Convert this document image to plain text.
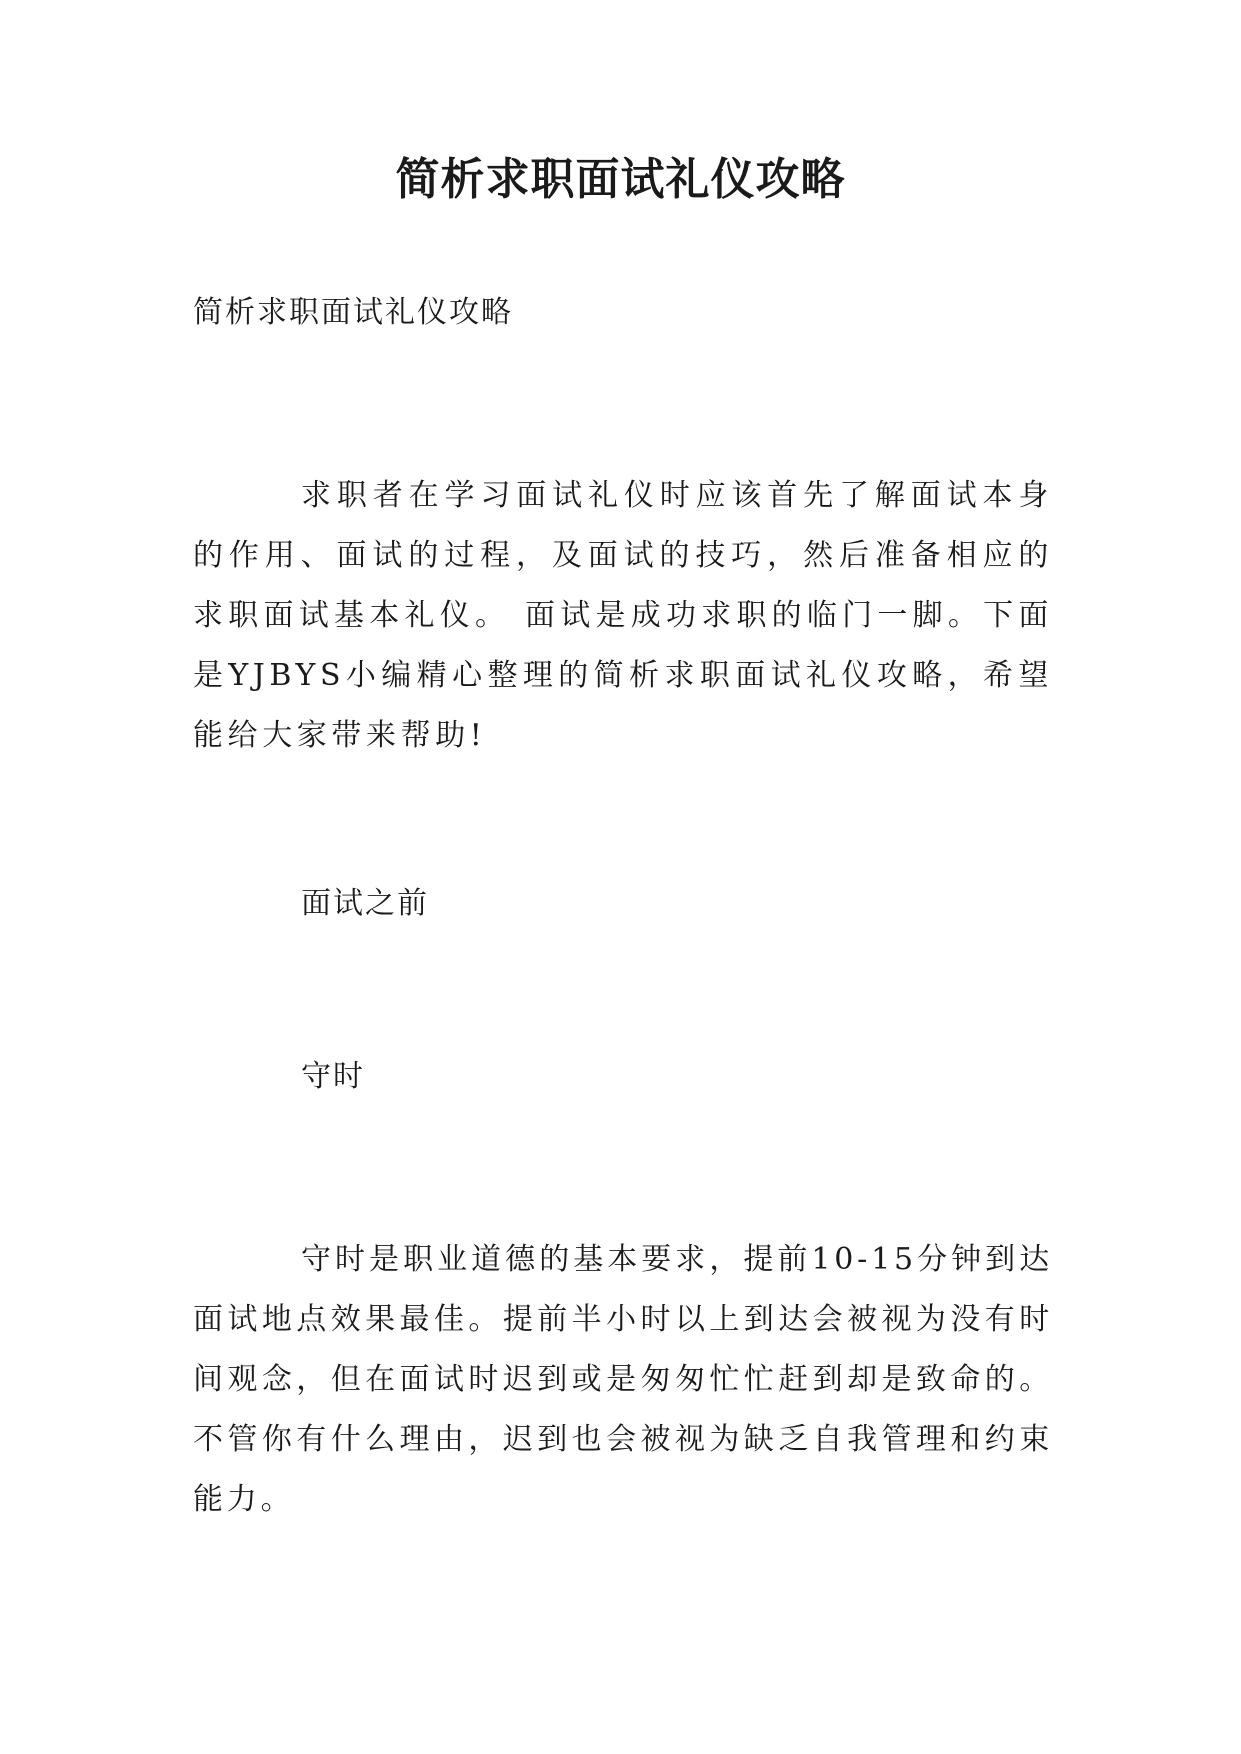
简析求职面试礼仪攻略

简析求职面试礼仪攻略

求职者在学习面试礼仪时应该首先了解面试本身的作用、面试的过程，及面试的技巧，然后准备相应的求职面试基本礼仪。 面试是成功求职的临门一脚。下面是YJBYS小编精心整理的简析求职面试礼仪攻略，希望能给大家带来帮助!

面试之前

守时

守时是职业道德的基本要求，提前10-15分钟到达面试地点效果最佳。提前半小时以上到达会被视为没有时间观念，但在面试时迟到或是匆匆忙忙赶到却是致命的。不管你有什么理由，迟到也会被视为缺乏自我管理和约束能力。
